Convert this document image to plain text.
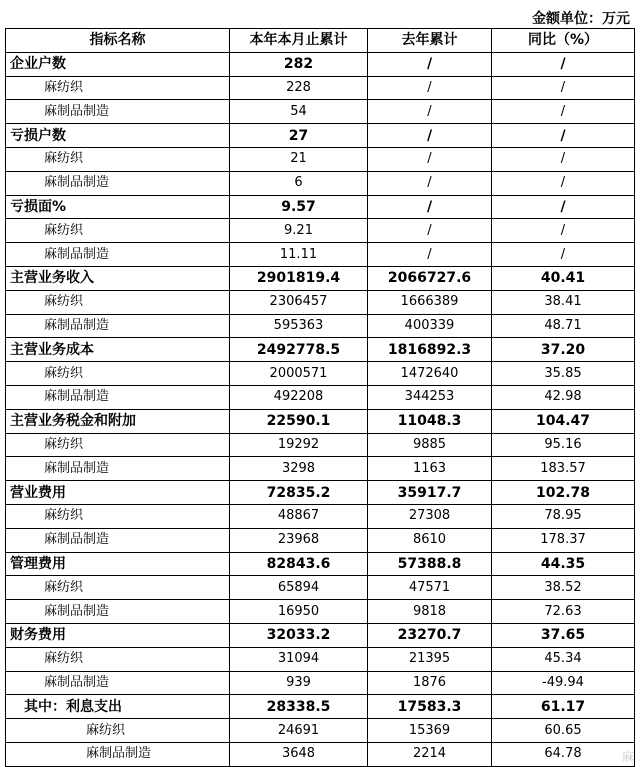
金额单位：万元
指标名称	本年本月止累计	去年累计	同比（%）
企业户数	282	/	/
麻纺织	228	/	/
麻制品制造	54	/	/
亏损户数	27	/	/
麻纺织	21	/	/
麻制品制造	6	/	/
亏损面%	9.57	/	/
麻纺织	9.21	/	/
麻制品制造	11.11	/	/
主营业务收入	2901819.4	2066727.6	40.41
麻纺织	2306457	1666389	38.41
麻制品制造	595363	400339	48.71
主营业务成本	2492778.5	1816892.3	37.20
麻纺织	2000571	1472640	35.85
麻制品制造	492208	344253	42.98
主营业务税金和附加	22590.1	11048.3	104.47
麻纺织	19292	9885	95.16
麻制品制造	3298	1163	183.57
营业费用	72835.2	35917.7	102.78
麻纺织	48867	27308	78.95
麻制品制造	23968	8610	178.37
管理费用	82843.6	57388.8	44.35
麻纺织	65894	47571	38.52
麻制品制造	16950	9818	72.63
财务费用	32033.2	23270.7	37.65
麻纺织	31094	21395	45.34
麻制品制造	939	1876	-49.94
其中：利息支出	28338.5	17583.3	61.17
麻纺织	24691	15369	60.65
麻制品制造	3648	2214	64.78	麻
